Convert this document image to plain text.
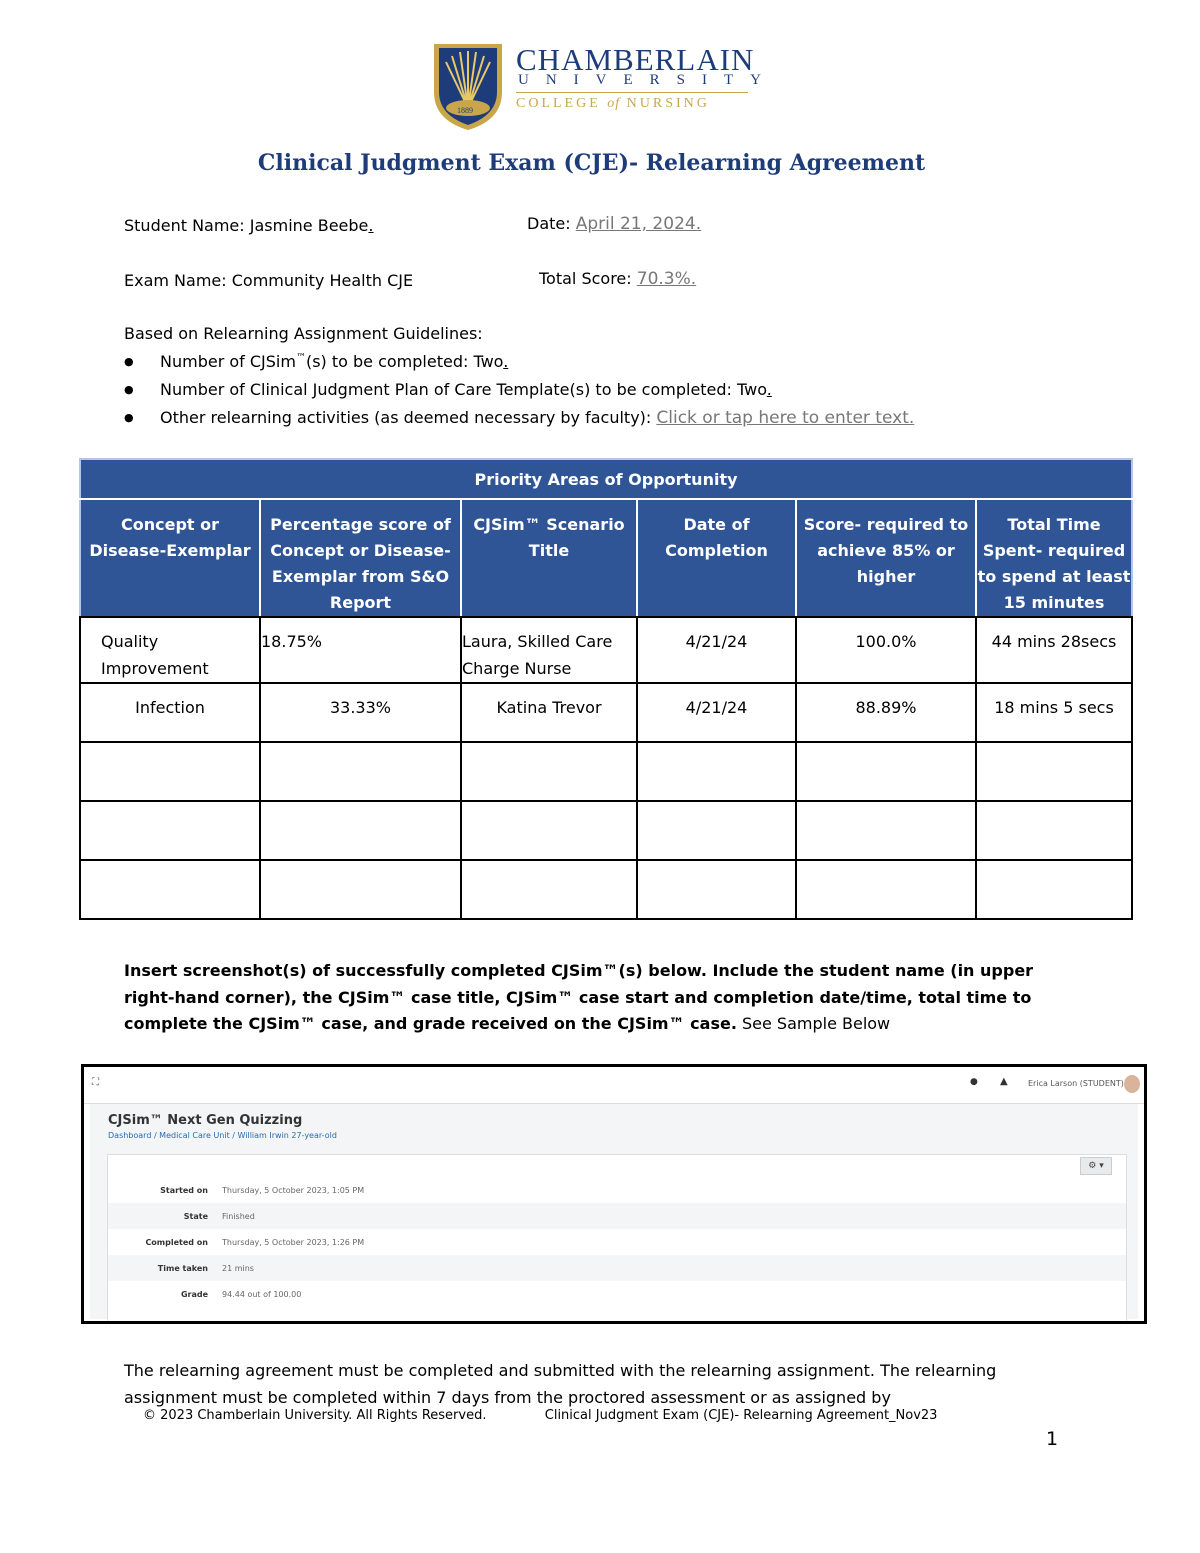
1889
CHAMBERLAIN
UNIVERSITY
COLLEGE of NURSING
Clinical Judgment Exam (CJE)- Relearning Agreement
Student Name: Jasmine Beebe.	Date: April 21, 2024.
Exam Name: Community Health CJE	Total Score: 70.3%.
Based on Relearning Assignment Guidelines:
● Number of CJSim™(s) to be completed: Two.
● Number of Clinical Judgment Plan of Care Template(s) to be completed: Two.
● Other relearning activities (as deemed necessary by faculty): Click or tap here to enter text.
Priority Areas of Opportunity					
Concept or Disease-Exemplar	Percentage score of Concept or Disease-Exemplar from S&O Report	CJSim™ Scenario Title	Date of Completion	Score- required to achieve 85% or higher	Total Time Spent- required to spend at least 15 minutes
Quality Improvement	18.75%	Laura, Skilled Care Charge Nurse	4/21/24	100.0%	44 mins 28secs
Infection	33.33%	Katina Trevor	4/21/24	88.89%	18 mins 5 secs

Insert screenshot(s) of successfully completed CJSim™(s) below. Include the student name (in upper right-hand corner), the CJSim™ case title, CJSim™ case start and completion date/time, total time to complete the CJSim™ case, and grade received on the CJSim™ case. See Sample Below
⛶	● ▲	Erica Larson (STUDENT)
CJSim™ Next Gen Quizzing
Dashboard / Medical Care Unit / William Irwin 27-year-old
⚙ ▾
Started on Thursday, 5 October 2023, 1:05 PM
State Finished
Completed on Thursday, 5 October 2023, 1:26 PM
Time taken 21 mins
Grade 94.44 out of 100.00
The relearning agreement must be completed and submitted with the relearning assignment. The relearning assignment must be completed within 7 days from the proctored assessment or as assigned by
© 2023 Chamberlain University. All Rights Reserved.	Clinical Judgment Exam (CJE)- Relearning Agreement_Nov23
1
